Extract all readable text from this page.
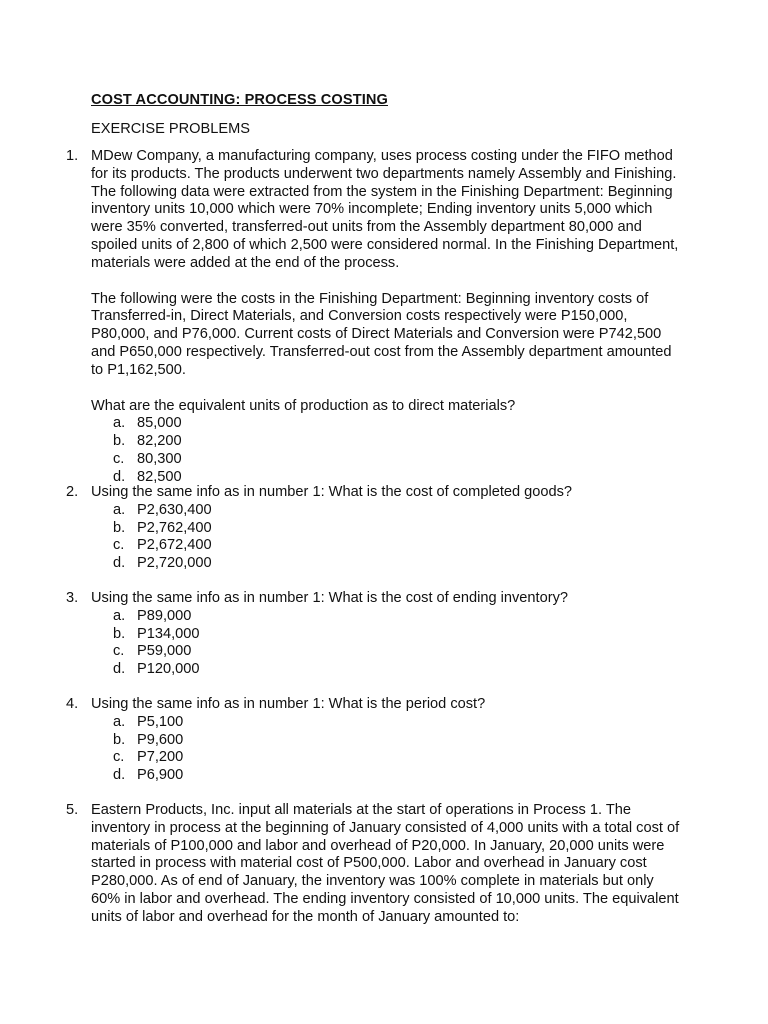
COST ACCOUNTING: PROCESS COSTING
EXERCISE PROBLEMS
1. MDew Company, a manufacturing company, uses process costing under the FIFO method for its products. The products underwent two departments namely Assembly and Finishing. The following data were extracted from the system in the Finishing Department: Beginning inventory units 10,000 which were 70% incomplete; Ending inventory units 5,000 which were 35% converted, transferred-out units from the Assembly department 80,000 and spoiled units of 2,800 of which 2,500 were considered normal. In the Finishing Department, materials were added at the end of the process.

The following were the costs in the Finishing Department: Beginning inventory costs of Transferred-in, Direct Materials, and Conversion costs respectively were P150,000, P80,000, and P76,000. Current costs of Direct Materials and Conversion were P742,500 and P650,000 respectively. Transferred-out cost from the Assembly department amounted to P1,162,500.

What are the equivalent units of production as to direct materials?

a. 85,000
b. 82,200
c. 80,300
d. 82,500
2. Using the same info as in number 1: What is the cost of completed goods?

a. P2,630,400
b. P2,762,400
c. P2,672,400
d. P2,720,000
3. Using the same info as in number 1: What is the cost of ending inventory?

a. P89,000
b. P134,000
c. P59,000
d. P120,000
4. Using the same info as in number 1: What is the period cost?

a. P5,100
b. P9,600
c. P7,200
d. P6,900
5. Eastern Products, Inc. input all materials at the start of operations in Process 1. The inventory in process at the beginning of January consisted of 4,000 units with a total cost of materials of P100,000 and labor and overhead of P20,000. In January, 20,000 units were started in process with material cost of P500,000. Labor and overhead in January cost P280,000. As of end of January, the inventory was 100% complete in materials but only 60% in labor and overhead. The ending inventory consisted of 10,000 units. The equivalent units of labor and overhead for the month of January amounted to:
